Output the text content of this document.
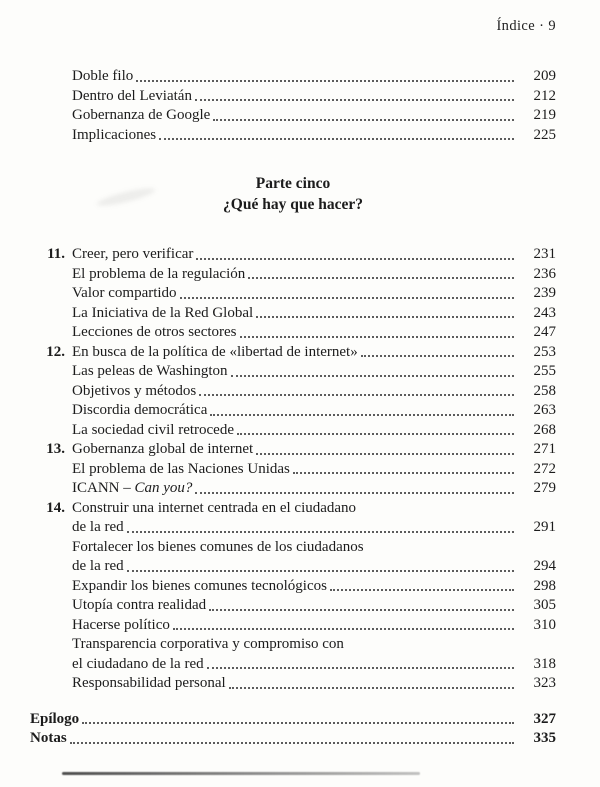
Índice · 9
Doble filo	209
Dentro del Leviatán	212
Gobernanza de Google	219
Implicaciones	225
Parte cinco
¿Qué hay que hacer?
11. Creer, pero verificar	231
El problema de la regulación	236
Valor compartido	239
La Iniciativa de la Red Global	243
Lecciones de otros sectores	247
12. En busca de la política de «libertad de internet»	253
Las peleas de Washington	255
Objetivos y métodos	258
Discordia democrática	263
La sociedad civil retrocede	268
13. Gobernanza global de internet	271
El problema de las Naciones Unidas	272
ICANN – Can you?	279
14. Construir una internet centrada en el ciudadano
de la red	291
Fortalecer los bienes comunes de los ciudadanos
de la red	294
Expandir los bienes comunes tecnológicos	298
Utopía contra realidad	305
Hacerse político	310
Transparencia corporativa y compromiso con
el ciudadano de la red	318
Responsabilidad personal	323
Epílogo	327
Notas	335
